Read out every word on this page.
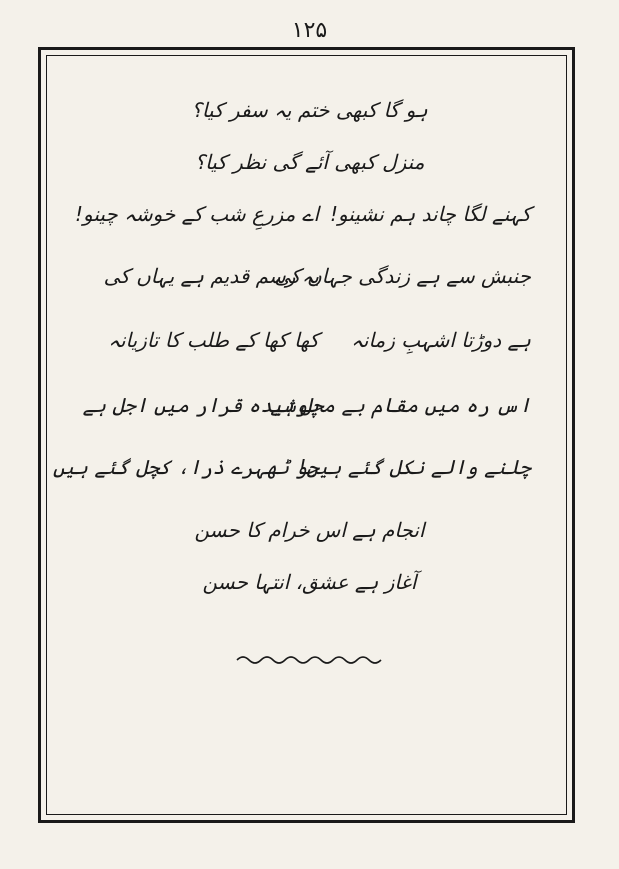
۱۲۵
ہو گا کبھی ختم یہ سفر کیا؟
منزل کبھی آئے گی نظر کیا؟
کہنے لگا چاند ہم نشینو!
اے مزرعِ شب کے خوشہ چینو!
جنبش سے ہے زندگی جہاں کی
یہ رسم قدیم ہے یہاں کی
ہے دوڑتا اشہبِ زمانہ
کھا کھا کے طلب کا تازیانہ
اس رہ میں مقام بے محل ہے
پوشیدہ قرار میں اجل ہے
چلنے والے نکل گئے ہیں!
جو ٹھہرے ذرا، کچل گئے ہیں
انجام ہے اس خرام کا حسن
آغاز ہے عشق، انتہا حسن
